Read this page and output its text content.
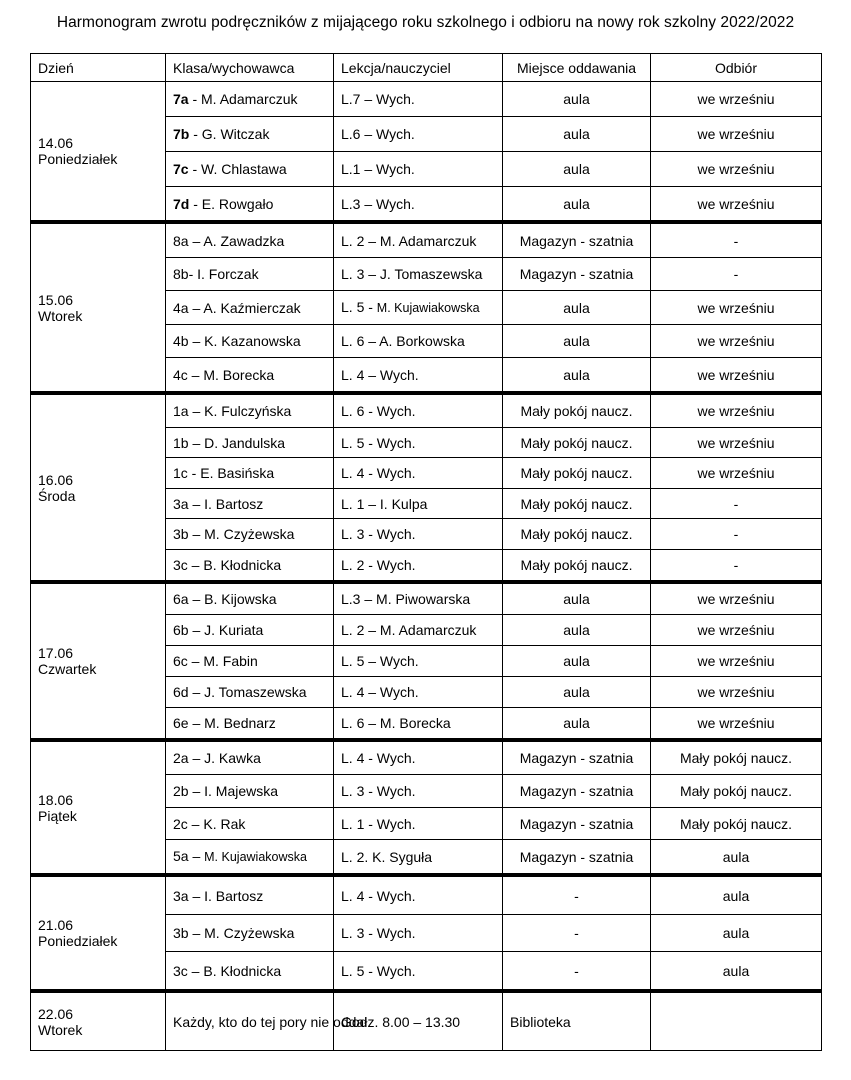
Harmonogram zwrotu podręczników z mijającego roku szkolnego i odbioru na nowy rok szkolny 2022/2022
Dzień	Klasa/wychowawca	Lekcja/nauczyciel	Miejsce oddawania	Odbiór
14.06
Poniedziałek	7a - M. Adamarczuk	L.7 – Wych.	aula	we wrześniu
	7b - G. Witczak	L.6 – Wych.	aula	we wrześniu
	7c - W. Chlastawa	L.1 – Wych.	aula	we wrześniu
	7d - E. Rowgało	L.3 – Wych.	aula	we wrześniu
15.06
Wtorek	8a – A. Zawadzka	L. 2 – M. Adamarczuk	Magazyn - szatnia	-
	8b- I. Forczak	L. 3 – J. Tomaszewska	Magazyn - szatnia	-
	4a – A. Kaźmierczak	L. 5 - M. Kujawiakowska	aula	we wrześniu
	4b – K. Kazanowska	L. 6 – A. Borkowska	aula	we wrześniu
	4c – M. Borecka	L. 4 – Wych.	aula	we wrześniu
16.06
Środa	1a – K. Fulczyńska	L. 6 - Wych.	Mały pokój naucz.	we wrześniu
	1b – D. Jandulska	L. 5 - Wych.	Mały pokój naucz.	we wrześniu
	1c - E. Basińska	L. 4 - Wych.	Mały pokój naucz.	we wrześniu
	3a – I. Bartosz	L. 1 – I. Kulpa	Mały pokój naucz.	-
	3b – M. Czyżewska	L. 3 - Wych.	Mały pokój naucz.	-
	3c – B. Kłodnicka	L. 2 - Wych.	Mały pokój naucz.	-
17.06
Czwartek	6a – B. Kijowska	L.3 – M. Piwowarska	aula	we wrześniu
	6b – J. Kuriata	L. 2 – M. Adamarczuk	aula	we wrześniu
	6c – M. Fabin	L. 5 – Wych.	aula	we wrześniu
	6d – J. Tomaszewska	L. 4 – Wych.	aula	we wrześniu
	6e – M. Bednarz	L. 6 – M. Borecka	aula	we wrześniu
18.06
Piątek	2a – J. Kawka	L. 4 - Wych.	Magazyn - szatnia	Mały pokój naucz.
	2b – I. Majewska	L. 3 - Wych.	Magazyn - szatnia	Mały pokój naucz.
	2c – K. Rak	L. 1 - Wych.	Magazyn - szatnia	Mały pokój naucz.
	5a – M. Kujawiakowska	L. 2. K. Syguła	Magazyn - szatnia	aula
21.06
Poniedziałek	3a – I. Bartosz	L. 4 - Wych.	-	aula
	3b – M. Czyżewska	L. 3 - Wych.	-	aula
	3c – B. Kłodnicka	L. 5 - Wych.	-	aula
22.06
Wtorek	Każdy, kto do tej pory nie oddał	Godz. 8.00 – 13.30	Biblioteka	
